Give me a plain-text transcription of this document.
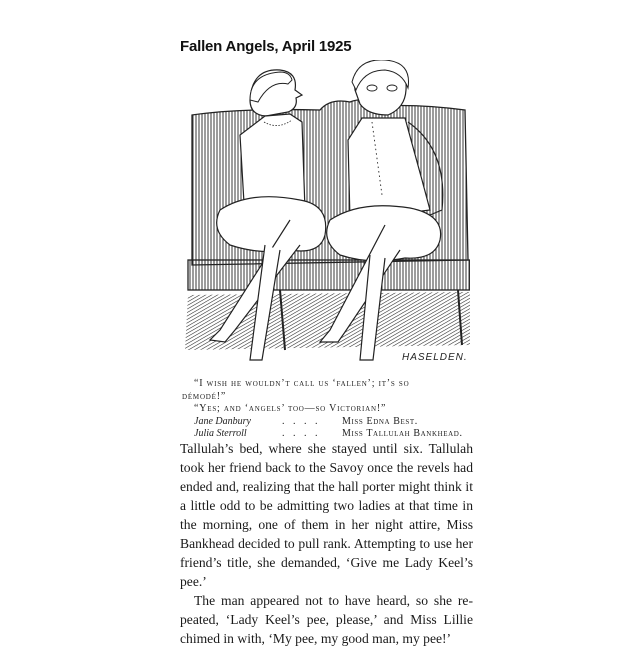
Fallen Angels, April 1925
HASELDEN.
“I wish he wouldn’t call us ‘fallen’; it’s so
démodé!”
“Yes; and ‘angels’ too—so Victorian!”
Jane Danbury	. . . .	Miss Edna Best.
Julia Sterroll	. . . .	Miss Tallulah Bankhead.

Tallulah’s bed, where she stayed until six. Tallulah took her friend back to the Savoy once the revels had ended and, realizing that the hall porter might think it a little odd to be admitting two ladies at that time in the morning, one of them in her night attire, Miss Bankhead decided to pull rank. Attempting to use her friend’s title, she demanded, ‘Give me Lady Keel’s pee.’

The man appeared not to have heard, so she re-peated, ‘Lady Keel’s pee, please,’ and Miss Lillie chimed in with, ‘My pee, my good man, my pee!’
